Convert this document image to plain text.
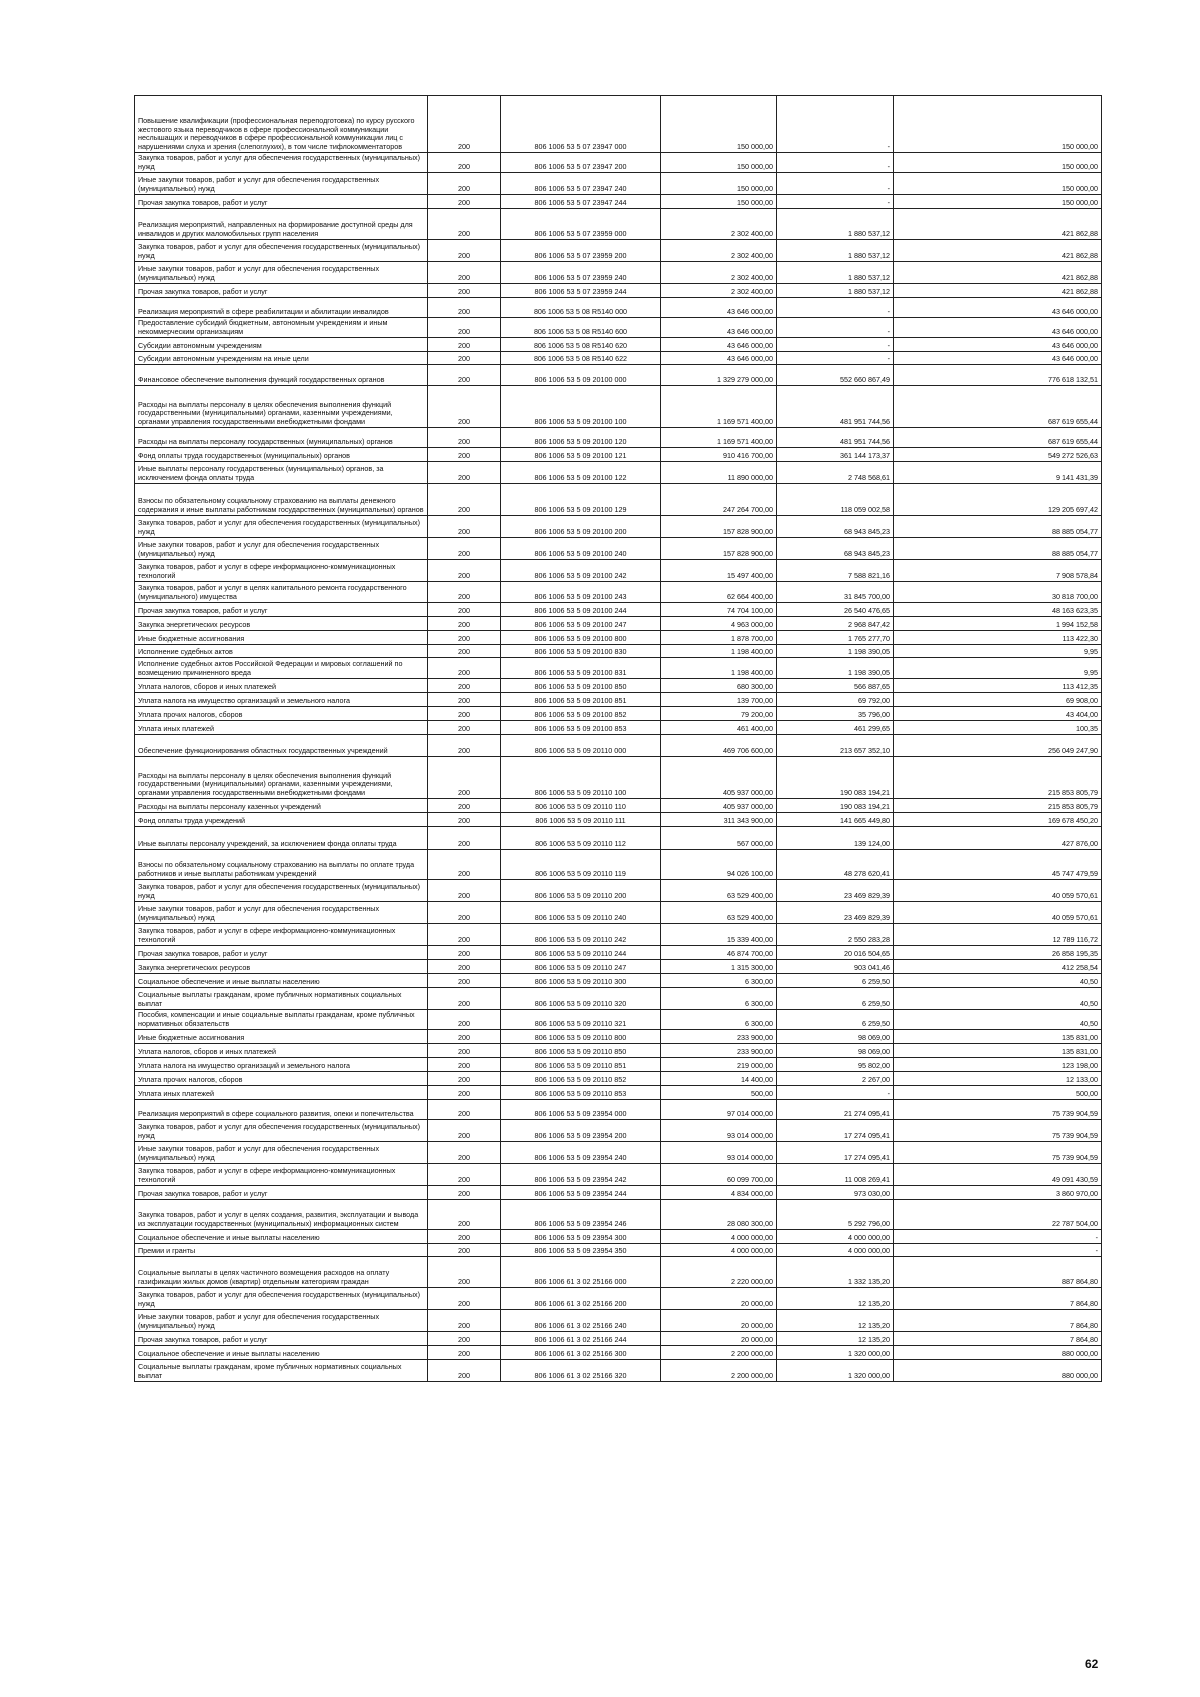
Повышение квалификации (профессиональная переподготовка) по курсу русского жестового языка переводчиков в сфере профессиональной коммуникации неслышащих и переводчиков в сфере профессиональной коммуникации лиц с нарушениями слуха и зрения (слепоглухих), в том числе тифлокомментаторов	200	806 1006 53 5 07 23947 000	150 000,00	-	150 000,00
Закупка товаров, работ и услуг для обеспечения государственных (муниципальных) нужд	200	806 1006 53 5 07 23947 200	150 000,00	-	150 000,00
Иные закупки товаров, работ и услуг для обеспечения государственных (муниципальных) нужд	200	806 1006 53 5 07 23947 240	150 000,00	-	150 000,00
Прочая закупка товаров, работ и услуг	200	806 1006 53 5 07 23947 244	150 000,00	-	150 000,00
Реализация мероприятий, направленных на формирование доступной среды для инвалидов и других маломобильных групп населения	200	806 1006 53 5 07 23959 000	2 302 400,00	1 880 537,12	421 862,88
Закупка товаров, работ и услуг для обеспечения государственных (муниципальных) нужд	200	806 1006 53 5 07 23959 200	2 302 400,00	1 880 537,12	421 862,88
Иные закупки товаров, работ и услуг для обеспечения государственных (муниципальных) нужд	200	806 1006 53 5 07 23959 240	2 302 400,00	1 880 537,12	421 862,88
Прочая закупка товаров, работ и услуг	200	806 1006 53 5 07 23959 244	2 302 400,00	1 880 537,12	421 862,88
Реализация мероприятий в сфере реабилитации и абилитации инвалидов	200	806 1006 53 5 08 R5140 000	43 646 000,00	-	43 646 000,00
Предоставление субсидий бюджетным, автономным учреждениям и иным некоммерческим организациям	200	806 1006 53 5 08 R5140 600	43 646 000,00	-	43 646 000,00
Субсидии автономным учреждениям	200	806 1006 53 5 08 R5140 620	43 646 000,00	-	43 646 000,00
Субсидии автономным учреждениям на иные цели	200	806 1006 53 5 08 R5140 622	43 646 000,00	-	43 646 000,00
Финансовое обеспечение выполнения функций государственных органов	200	806 1006 53 5 09 20100 000	1 329 279 000,00	552 660 867,49	776 618 132,51
Расходы на выплаты персоналу в целях обеспечения выполнения функций государственными (муниципальными) органами, казенными учреждениями, органами управления государственными внебюджетными фондами	200	806 1006 53 5 09 20100 100	1 169 571 400,00	481 951 744,56	687 619 655,44
Расходы на выплаты персоналу государственных (муниципальных) органов	200	806 1006 53 5 09 20100 120	1 169 571 400,00	481 951 744,56	687 619 655,44
Фонд оплаты труда государственных (муниципальных) органов	200	806 1006 53 5 09 20100 121	910 416 700,00	361 144 173,37	549 272 526,63
Иные выплаты персоналу государственных (муниципальных) органов, за исключением фонда оплаты труда	200	806 1006 53 5 09 20100 122	11 890 000,00	2 748 568,61	9 141 431,39
Взносы по обязательному социальному страхованию на выплаты денежного содержания и иные выплаты работникам государственных (муниципальных) органов	200	806 1006 53 5 09 20100 129	247 264 700,00	118 059 002,58	129 205 697,42
Закупка товаров, работ и услуг для обеспечения государственных (муниципальных) нужд	200	806 1006 53 5 09 20100 200	157 828 900,00	68 943 845,23	88 885 054,77
Иные закупки товаров, работ и услуг для обеспечения государственных (муниципальных) нужд	200	806 1006 53 5 09 20100 240	157 828 900,00	68 943 845,23	88 885 054,77
Закупка товаров, работ и услуг в сфере информационно-коммуникационных технологий	200	806 1006 53 5 09 20100 242	15 497 400,00	7 588 821,16	7 908 578,84
Закупка товаров, работ и услуг в целях капитального ремонта государственного (муниципального) имущества	200	806 1006 53 5 09 20100 243	62 664 400,00	31 845 700,00	30 818 700,00
Прочая закупка товаров, работ и услуг	200	806 1006 53 5 09 20100 244	74 704 100,00	26 540 476,65	48 163 623,35
Закупка энергетических ресурсов	200	806 1006 53 5 09 20100 247	4 963 000,00	2 968 847,42	1 994 152,58
Иные бюджетные ассигнования	200	806 1006 53 5 09 20100 800	1 878 700,00	1 765 277,70	113 422,30
Исполнение судебных актов	200	806 1006 53 5 09 20100 830	1 198 400,00	1 198 390,05	9,95
Исполнение судебных актов Российской Федерации и мировых соглашений по возмещению причиненного вреда	200	806 1006 53 5 09 20100 831	1 198 400,00	1 198 390,05	9,95
Уплата налогов, сборов и иных платежей	200	806 1006 53 5 09 20100 850	680 300,00	566 887,65	113 412,35
Уплата налога на имущество организаций и земельного налога	200	806 1006 53 5 09 20100 851	139 700,00	69 792,00	69 908,00
Уплата прочих налогов, сборов	200	806 1006 53 5 09 20100 852	79 200,00	35 796,00	43 404,00
Уплата иных платежей	200	806 1006 53 5 09 20100 853	461 400,00	461 299,65	100,35
Обеспечение функционирования областных государственных учреждений	200	806 1006 53 5 09 20110 000	469 706 600,00	213 657 352,10	256 049 247,90
Расходы на выплаты персоналу в целях обеспечения выполнения функций государственными (муниципальными) органами, казенными учреждениями, органами управления государственными внебюджетными фондами	200	806 1006 53 5 09 20110 100	405 937 000,00	190 083 194,21	215 853 805,79
Расходы на выплаты персоналу казенных учреждений	200	806 1006 53 5 09 20110 110	405 937 000,00	190 083 194,21	215 853 805,79
Фонд оплаты труда учреждений	200	806 1006 53 5 09 20110 111	311 343 900,00	141 665 449,80	169 678 450,20
Иные выплаты персоналу учреждений, за исключением фонда оплаты труда	200	806 1006 53 5 09 20110 112	567 000,00	139 124,00	427 876,00
Взносы по обязательному социальному страхованию на выплаты по оплате труда работников и иные выплаты работникам учреждений	200	806 1006 53 5 09 20110 119	94 026 100,00	48 278 620,41	45 747 479,59
Закупка товаров, работ и услуг для обеспечения государственных (муниципальных) нужд	200	806 1006 53 5 09 20110 200	63 529 400,00	23 469 829,39	40 059 570,61
Иные закупки товаров, работ и услуг для обеспечения государственных (муниципальных) нужд	200	806 1006 53 5 09 20110 240	63 529 400,00	23 469 829,39	40 059 570,61
Закупка товаров, работ и услуг в сфере информационно-коммуникационных технологий	200	806 1006 53 5 09 20110 242	15 339 400,00	2 550 283,28	12 789 116,72
Прочая закупка товаров, работ и услуг	200	806 1006 53 5 09 20110 244	46 874 700,00	20 016 504,65	26 858 195,35
Закупка энергетических ресурсов	200	806 1006 53 5 09 20110 247	1 315 300,00	903 041,46	412 258,54
Социальное обеспечение и иные выплаты населению	200	806 1006 53 5 09 20110 300	6 300,00	6 259,50	40,50
Социальные выплаты гражданам, кроме публичных нормативных социальных выплат	200	806 1006 53 5 09 20110 320	6 300,00	6 259,50	40,50
Пособия, компенсации и иные социальные выплаты гражданам, кроме публичных нормативных обязательств	200	806 1006 53 5 09 20110 321	6 300,00	6 259,50	40,50
Иные бюджетные ассигнования	200	806 1006 53 5 09 20110 800	233 900,00	98 069,00	135 831,00
Уплата налогов, сборов и иных платежей	200	806 1006 53 5 09 20110 850	233 900,00	98 069,00	135 831,00
Уплата налога на имущество организаций и земельного налога	200	806 1006 53 5 09 20110 851	219 000,00	95 802,00	123 198,00
Уплата прочих налогов, сборов	200	806 1006 53 5 09 20110 852	14 400,00	2 267,00	12 133,00
Уплата иных платежей	200	806 1006 53 5 09 20110 853	500,00	-	500,00
Реализация мероприятий в сфере социального развития, опеки и попечительства	200	806 1006 53 5 09 23954 000	97 014 000,00	21 274 095,41	75 739 904,59
Закупка товаров, работ и услуг для обеспечения государственных (муниципальных) нужд	200	806 1006 53 5 09 23954 200	93 014 000,00	17 274 095,41	75 739 904,59
Иные закупки товаров, работ и услуг для обеспечения государственных (муниципальных) нужд	200	806 1006 53 5 09 23954 240	93 014 000,00	17 274 095,41	75 739 904,59
Закупка товаров, работ и услуг в сфере информационно-коммуникационных технологий	200	806 1006 53 5 09 23954 242	60 099 700,00	11 008 269,41	49 091 430,59
Прочая закупка товаров, работ и услуг	200	806 1006 53 5 09 23954 244	4 834 000,00	973 030,00	3 860 970,00
Закупка товаров, работ и услуг в целях создания, развития, эксплуатации и вывода из эксплуатации государственных (муниципальных) информационных систем	200	806 1006 53 5 09 23954 246	28 080 300,00	5 292 796,00	22 787 504,00
Социальное обеспечение и иные выплаты населению	200	806 1006 53 5 09 23954 300	4 000 000,00	4 000 000,00	-
Премии и гранты	200	806 1006 53 5 09 23954 350	4 000 000,00	4 000 000,00	-
Социальные выплаты в целях частичного возмещения расходов на оплату газификации жилых домов (квартир) отдельным категориям граждан	200	806 1006 61 3 02 25166 000	2 220 000,00	1 332 135,20	887 864,80
Закупка товаров, работ и услуг для обеспечения государственных (муниципальных) нужд	200	806 1006 61 3 02 25166 200	20 000,00	12 135,20	7 864,80
Иные закупки товаров, работ и услуг для обеспечения государственных (муниципальных) нужд	200	806 1006 61 3 02 25166 240	20 000,00	12 135,20	7 864,80
Прочая закупка товаров, работ и услуг	200	806 1006 61 3 02 25166 244	20 000,00	12 135,20	7 864,80
Социальное обеспечение и иные выплаты населению	200	806 1006 61 3 02 25166 300	2 200 000,00	1 320 000,00	880 000,00
Социальные выплаты гражданам, кроме публичных нормативных социальных выплат	200	806 1006 61 3 02 25166 320	2 200 000,00	1 320 000,00	880 000,00
62
